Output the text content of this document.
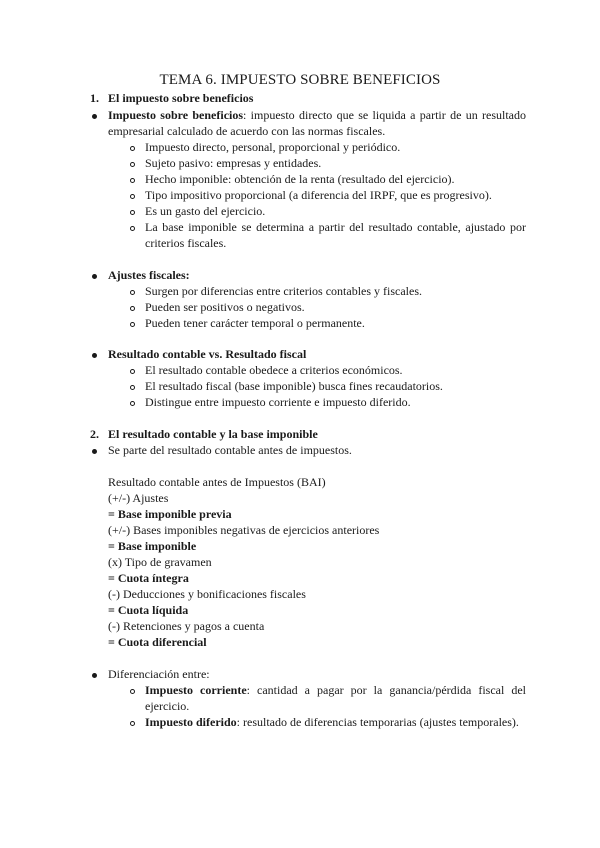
TEMA 6. IMPUESTO SOBRE BENEFICIOS
1. El impuesto sobre beneficios
Impuesto sobre beneficios: impuesto directo que se liquida a partir de un resultado empresarial calculado de acuerdo con las normas fiscales.
Impuesto directo, personal, proporcional y periódico.
Sujeto pasivo: empresas y entidades.
Hecho imponible: obtención de la renta (resultado del ejercicio).
Tipo impositivo proporcional (a diferencia del IRPF, que es progresivo).
Es un gasto del ejercicio.
La base imponible se determina a partir del resultado contable, ajustado por criterios fiscales.
Ajustes fiscales:
Surgen por diferencias entre criterios contables y fiscales.
Pueden ser positivos o negativos.
Pueden tener carácter temporal o permanente.
Resultado contable vs. Resultado fiscal
El resultado contable obedece a criterios económicos.
El resultado fiscal (base imponible) busca fines recaudatorios.
Distingue entre impuesto corriente e impuesto diferido.
2. El resultado contable y la base imponible
Se parte del resultado contable antes de impuestos.
Resultado contable antes de Impuestos (BAI)
(+/-) Ajustes
= Base imponible previa
(+/-) Bases imponibles negativas de ejercicios anteriores
= Base imponible
(x) Tipo de gravamen
= Cuota íntegra
(-) Deducciones y bonificaciones fiscales
= Cuota líquida
(-) Retenciones y pagos a cuenta
= Cuota diferencial
Diferenciación entre:
Impuesto corriente: cantidad a pagar por la ganancia/pérdida fiscal del ejercicio.
Impuesto diferido: resultado de diferencias temporarias (ajustes temporales).
